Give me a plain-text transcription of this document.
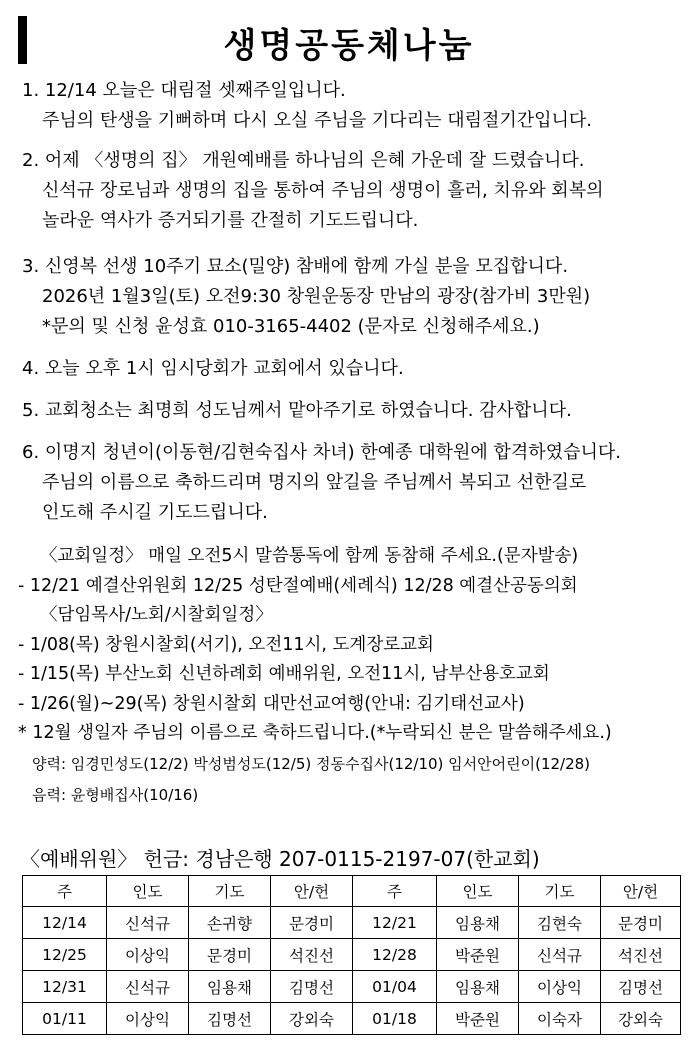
생명공동체나눔
1. 12/14 오늘은 대림절 셋째주일입니다.
주님의 탄생을 기뻐하며 다시 오실 주님을 기다리는 대림절기간입니다.
2. 어제 〈생명의 집〉 개원예배를 하나님의 은혜 가운데 잘 드렸습니다.
신석규 장로님과 생명의 집을 통하여 주님의 생명이 흘러, 치유와 회복의
놀라운 역사가 증거되기를 간절히 기도드립니다.
3. 신영복 선생 10주기 묘소(밀양) 참배에 함께 가실 분을 모집합니다.
2026년 1월3일(토) 오전9:30 창원운동장 만남의 광장(참가비 3만원)
*문의 및 신청 윤성효 010-3165-4402 (문자로 신청해주세요.)
4. 오늘 오후 1시 임시당회가 교회에서 있습니다.
5. 교회청소는 최명희 성도님께서 맡아주기로 하였습니다. 감사합니다.
6. 이명지 청년이(이동현/김현숙집사 차녀) 한예종 대학원에 합격하였습니다.
주님의 이름으로 축하드리며 명지의 앞길을 주님께서 복되고 선한길로
인도해 주시길 기도드립니다.
〈교회일정〉 매일 오전5시 말씀통독에 함께 동참해 주세요.(문자발송)
- 12/21 예결산위원회 12/25 성탄절예배(세례식) 12/28 예결산공동의회
〈담임목사/노회/시찰회일정〉
- 1/08(목) 창원시찰회(서기), 오전11시, 도계장로교회
- 1/15(목) 부산노회 신년하례회 예배위원, 오전11시, 남부산용호교회
- 1/26(월)~29(목) 창원시찰회 대만선교여행(안내: 김기태선교사)
* 12월 생일자 주님의 이름으로 축하드립니다.(*누락되신 분은 말씀해주세요.)
양력: 임경민성도(12/2) 박성범성도(12/5) 정동수집사(12/10) 임서안어린이(12/28)
음력: 윤형배집사(10/16)
〈예배위원〉 헌금: 경남은행 207-0115-2197-07(한교회)
주	인도	기도	안/헌	주	인도	기도	안/헌
12/14	신석규	손귀향	문경미	12/21	임용채	김현숙	문경미
12/25	이상익	문경미	석진선	12/28	박준원	신석규	석진선
12/31	신석규	임용채	김명선	01/04	임용채	이상익	김명선
01/11	이상익	김명선	강외숙	01/18	박준원	이숙자	강외숙
